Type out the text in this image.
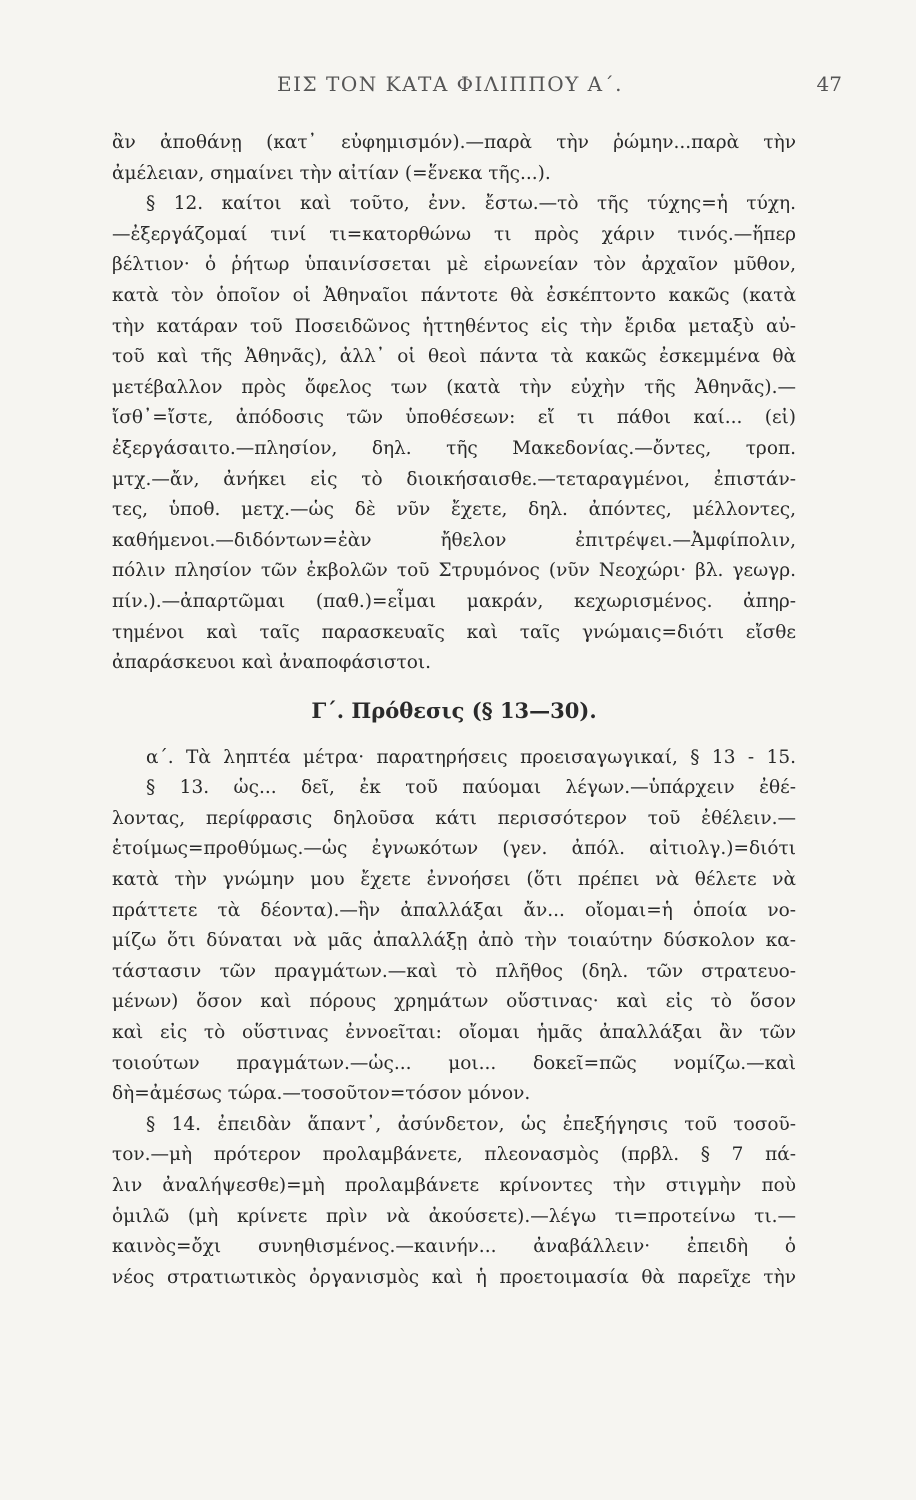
ΕΙΣ ΤΟΝ ΚΑΤΑ ΦΙΛΙΠΠΟΥ Α΄.	47
ἂν ἀποθάνῃ (κατ᾽ εὐφημισμόν).—παρὰ τὴν ῥώμην...παρὰ τὴν
ἀμέλειαν, σημαίνει τὴν αἰτίαν (=ἕνεκα τῆς...).
§ 12. καίτοι καὶ τοῦτο, ἐνν. ἔστω.—τὸ τῆς τύχης=ἡ τύχη.
—ἐξεργάζομαί τινί τι=κατορθώνω τι πρὸς χάριν τινός.—ἥπερ
βέλτιον· ὁ ῥήτωρ ὑπαινίσσεται μὲ εἰρωνείαν τὸν ἀρχαῖον μῦθον,
κατὰ τὸν ὁποῖον οἱ Ἀθηναῖοι πάντοτε θὰ ἐσκέπτοντο κακῶς (κατὰ
τὴν κατάραν τοῦ Ποσειδῶνος ἡττηθέντος εἰς τὴν ἔριδα μεταξὺ αὐ-
τοῦ καὶ τῆς Ἀθηνᾶς), ἀλλ᾽ οἱ θεοὶ πάντα τὰ κακῶς ἐσκεμμένα θὰ
μετέβαλλον πρὸς ὄφελος των (κατὰ τὴν εὐχὴν τῆς Ἀθηνᾶς).—
ἴσθ᾽=ἴστε, ἀπόδοσις τῶν ὑποθέσεων: εἴ τι πάθοι καί... (εἰ)
ἐξεργάσαιτο.—πλησίον, δηλ. τῆς Μακεδονίας.—ὄντες, τροπ.
μτχ.—ἄν, ἀνήκει εἰς τὸ διοικήσαισθε.—τεταραγμένοι, ἐπιστάν-
τες, ὑποθ. μετχ.—ὡς δὲ νῦν ἔχετε, δηλ. ἀπόντες, μέλλοντες,
καθήμενοι.—διδόντων=ἐὰν ἤθελον ἐπιτρέψει.—Ἀμφίπολιν,
πόλιν πλησίον τῶν ἐκβολῶν τοῦ Στρυμόνος (νῦν Νεοχώρι· βλ. γεωγρ.
πίν.).—ἀπαρτῶμαι (παθ.)=εἶμαι μακράν, κεχωρισμένος. ἀπηρ-
τημένοι καὶ ταῖς παρασκευαῖς καὶ ταῖς γνώμαις=διότι εἴσθε
ἀπαράσκευοι καὶ ἀναποφάσιστοι.
Γ΄. Πρόθεσις (§ 13—30).
α΄. Τὰ ληπτέα μέτρα· παρατηρήσεις προεισαγωγικαί, § 13 - 15.
§ 13. ὡς... δεῖ, ἐκ τοῦ παύομαι λέγων.—ὑπάρχειν ἐθέ-
λοντας, περίφρασις δηλοῦσα κάτι περισσότερον τοῦ ἐθέλειν.—
ἑτοίμως=προθύμως.—ὡς ἐγνωκότων (γεν. ἀπόλ. αἰτιολγ.)=διότι
κατὰ τὴν γνώμην μου ἔχετε ἐννοήσει (ὅτι πρέπει νὰ θέλετε νὰ
πράττετε τὰ δέοντα).—ἣν ἀπαλλάξαι ἄν... οἴομαι=ἡ ὁποία νο-
μίζω ὅτι δύναται νὰ μᾶς ἀπαλλάξῃ ἀπὸ τὴν τοιαύτην δύσκολον κα-
τάστασιν τῶν πραγμάτων.—καὶ τὸ πλῆθος (δηλ. τῶν στρατευο-
μένων) ὅσον καὶ πόρους χρημάτων οὕστινας· καὶ εἰς τὸ ὅσον
καὶ εἰς τὸ οὕστινας ἐννοεῖται: οἴομαι ἡμᾶς ἀπαλλάξαι ἂν τῶν
τοιούτων πραγμάτων.—ὡς... μοι... δοκεῖ=πῶς νομίζω.—καὶ
δὴ=ἀμέσως τώρα.—τοσοῦτον=τόσον μόνον.
§ 14. ἐπειδὰν ἅπαντ᾽, ἀσύνδετον, ὡς ἐπεξήγησις τοῦ τοσοῦ-
τον.—μὴ πρότερον προλαμβάνετε, πλεονασμὸς (πρβλ. § 7 πά-
λιν ἀναλήψεσθε)=μὴ προλαμβάνετε κρίνοντες τὴν στιγμὴν ποὺ
ὁμιλῶ (μὴ κρίνετε πρὶν νὰ ἀκούσετε).—λέγω τι=προτείνω τι.—
καινὸς=ὄχι συνηθισμένος.—καινήν... ἀναβάλλειν· ἐπειδὴ ὁ
νέος στρατιωτικὸς ὀργανισμὸς καὶ ἡ προετοιμασία θὰ παρεῖχε τὴν
